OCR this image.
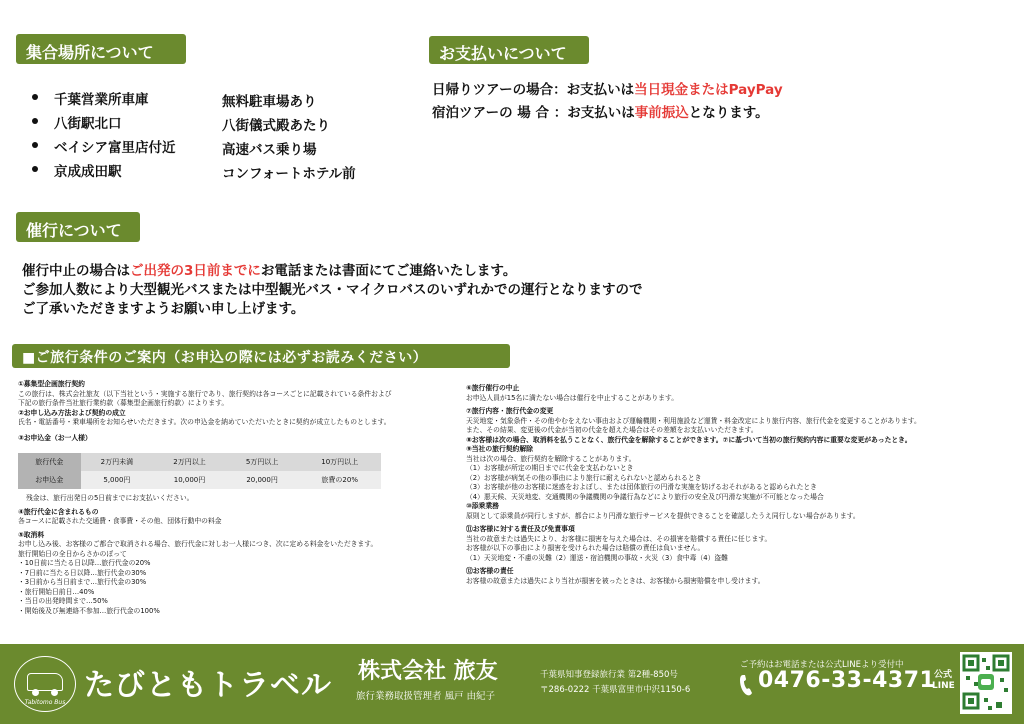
集合場所について	お支払いについて
催行について
■ご旅行条件のご案内（お申込の際には必ずお読みください）
千葉営業所車庫	無料駐車場あり
八街駅北口	八街儀式殿あたり
ベイシア富里店付近	高速バス乗り場
京成成田駅	コンフォートホテル前
日帰りツアーの場合：お支払いは当日現金またはPayPay
宿泊ツアーの 場 合 ：お支払いは事前振込となります。
催行中止の場合はご出発の3日前までにお電話または書面にてご連絡いたします。
ご参加人数により大型観光バスまたは中型観光バス・マイクロバスのいずれかでの運行となりますので
ご了承いただきますようお願い申し上げます。
①募集型企画旅行契約
この旅行は、株式会社旅友（以下当社という・実施する旅行であり、旅行契約は各コースごとに記載されている条件および
下記の旅行条件当社旅行業約款（募集型企画旅行約款）によります。
②お申し込み方法および契約の成立
氏名・電話番号・乗車場所をお知らせいただきます。次の申込金を納めていただいたときに契約が成立したものとします。
③お申込金（お一人様）
旅行代金	2万円未満	2万円以上	5万円以上	10万円以上
お申込金	5,000円	10,000円	20,000円	旅費の20%
残金は、旅行出発日の5日前までにお支払いください。
④旅行代金に含まれるもの
各コースに記載された交通費・食事費・その他、団体行動中の料金
⑤取消料
お申し込み後、お客様のご都合で取消される場合、旅行代金に対しお一人様につき、次に定める料金をいただきます。
旅行開始日の全日からさかのぼって
・10日前に当たる日以降…旅行代金の20%
・7日前に当たる日以降…旅行代金の30%
・3日前から当日前まで…旅行代金の30%
・旅行開始日前日…40%
・当日の出発時間まで…50%
・開始後及び無連絡不参加…旅行代金の100%
⑥旅行催行の中止
お申込人員が15名に満たない場合は催行を中止することがあります。
⑦旅行内容・旅行代金の変更
天災地変・気象条件・その他やむをえない事由および運輸機関・利用施設など運賃・料金改定により旅行内容、旅行代金を変更することがあります。
また、その結果、変更後の代金が当初の代金を超えた場合はその差額をお支払いいただきます。
⑧お客様は次の場合、取消料を払うことなく、旅行代金を解除することができます。⑦に基づいて当初の旅行契約内容に重要な変更があったとき。
⑨当社の旅行契約解除
当社は次の場合、旅行契約を解除することがあります。
（1）お客様が所定の期日までに代金を支払わないとき
（2）お客様が病気その他の事由により旅行に耐えられないと認められるとき
（3）お客様が他のお客様に迷惑をおよぼし、または団体旅行の円滑な実施を妨げるおそれがあると認められたとき
（4）悪天候、天災地変、交通機関の争議機関の争議行為などにより旅行の安全及び円滑な実施が不可能となった場合
⑩添乗業務
原則として添乗員が同行しますが、都合により円滑な旅行サービスを提供できることを確認したうえ同行しない場合があります。
⑪お客様に対する責任及び免責事項
当社の故意または過失により、お客様に損害を与えた場合は、その損害を賠償する責任に任じます。
お客様が以下の事由により損害を受けられた場合は賠償の責任は負いません。
（1）天災地変・不慮の災難（2）運送・宿泊機関の事故・火災（3）食中毒（4）盗難
⑫お客様の責任
お客様の故意または過失により当社が損害を被ったときは、お客様から損害賠償を申し受けます。
Tabitomo Bus たびともトラベル 株式会社 旅友
旅行業務取扱管理者 風戸 由紀子
千葉県知事登録旅行業 第2種-850号
〒286-0222 千葉県富里市中沢1150-6
ご予約はお電話または公式LINEより受付中
0476-33-4371
公式LINE
